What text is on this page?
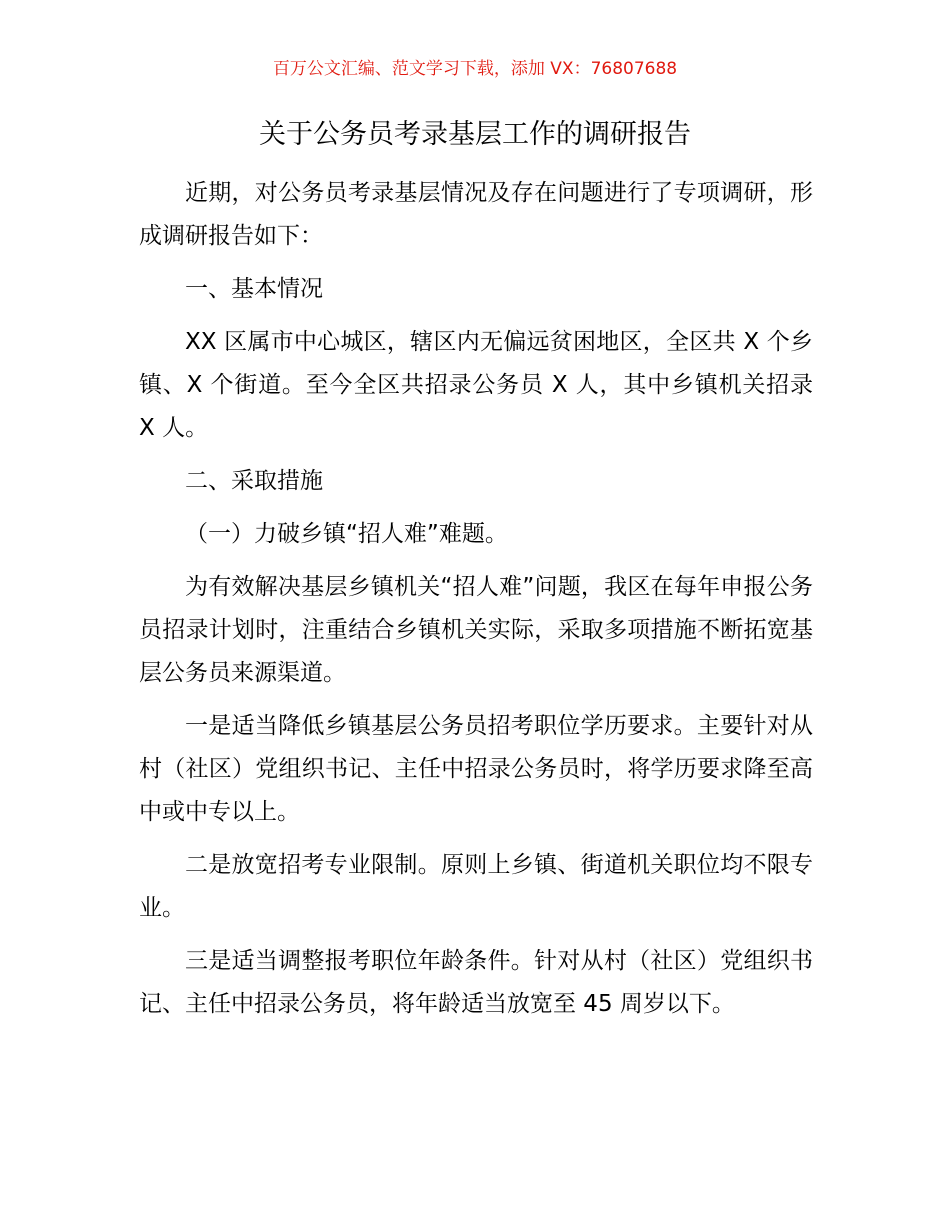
百万公文汇编、范文学习下载，添加 VX：76807688
关于公务员考录基层工作的调研报告

近期，对公务员考录基层情况及存在问题进行了专项调研，形成调研报告如下：

一、基本情况

XX 区属市中心城区，辖区内无偏远贫困地区，全区共 X 个乡镇、X 个街道。至今全区共招录公务员 X 人，其中乡镇机关招录 X 人。

二、采取措施

（一）力破乡镇“招人难”难题。

为有效解决基层乡镇机关“招人难”问题，我区在每年申报公务员招录计划时，注重结合乡镇机关实际，采取多项措施不断拓宽基层公务员来源渠道。

一是适当降低乡镇基层公务员招考职位学历要求。主要针对从村（社区）党组织书记、主任中招录公务员时，将学历要求降至高中或中专以上。

二是放宽招考专业限制。原则上乡镇、街道机关职位均不限专业。

三是适当调整报考职位年龄条件。针对从村（社区）党组织书记、主任中招录公务员，将年龄适当放宽至 45 周岁以下。
